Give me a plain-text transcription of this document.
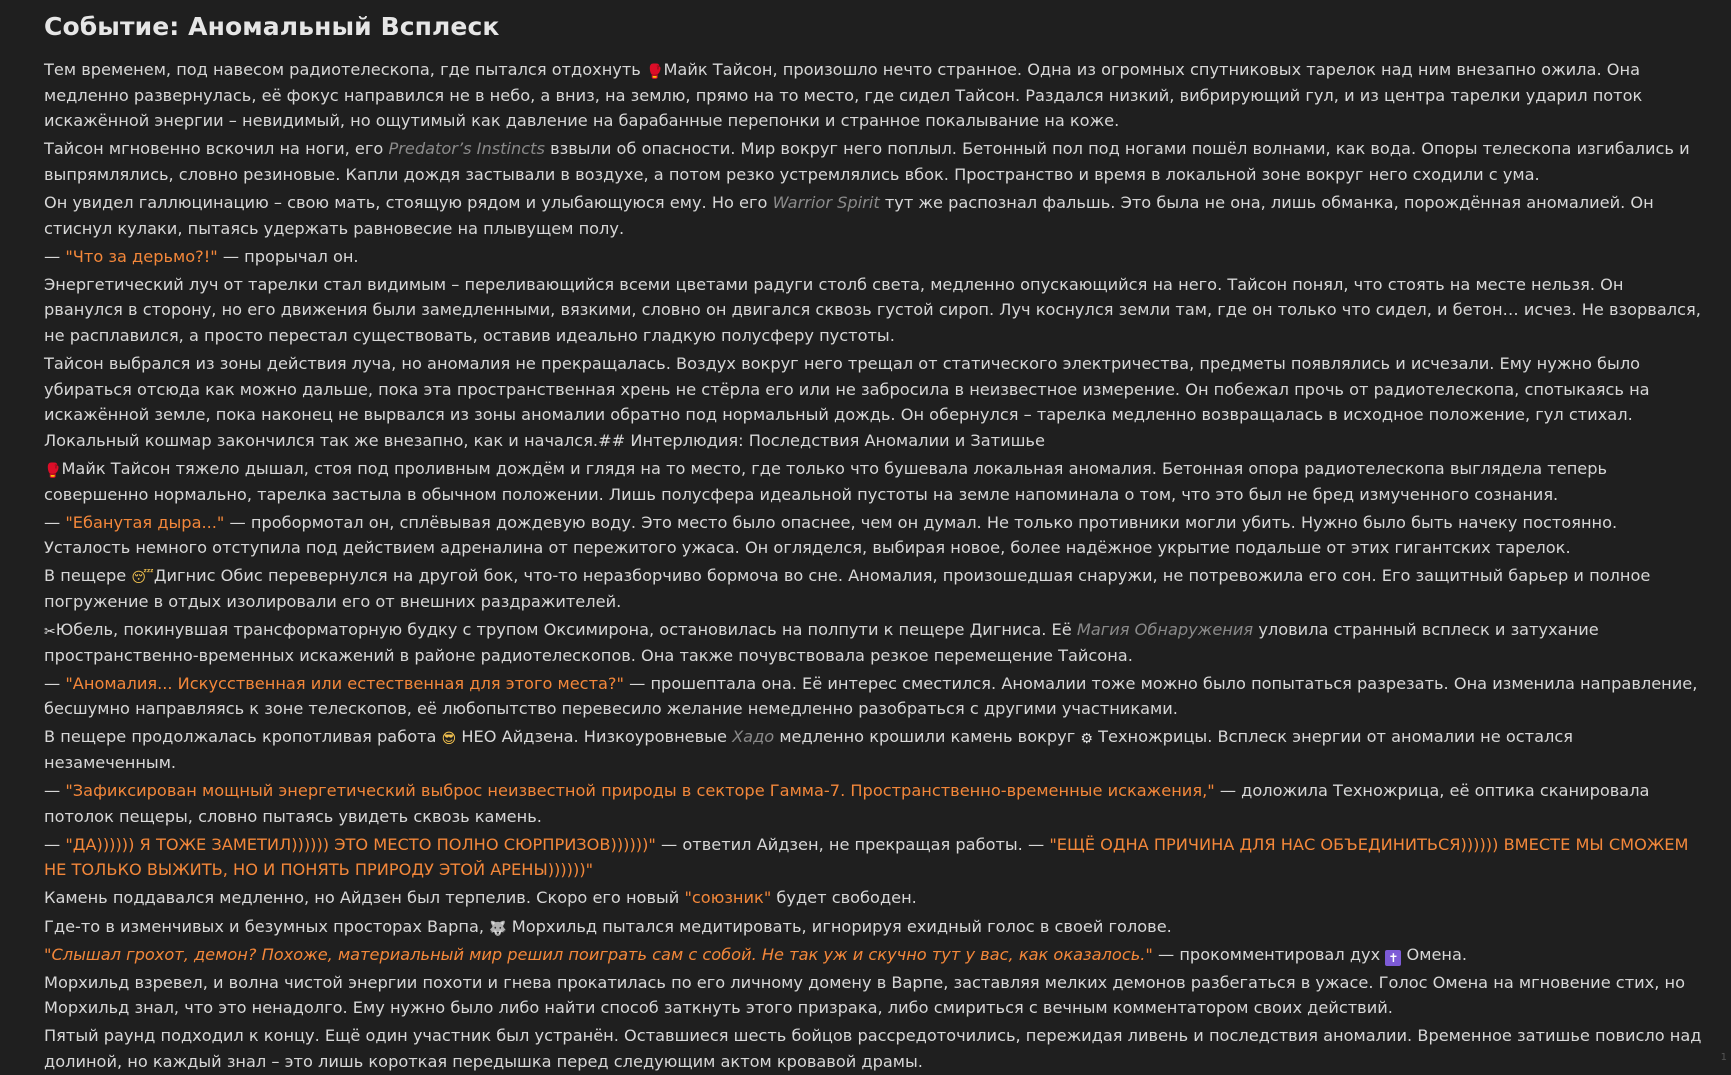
Событие: Аномальный Всплеск

Тем временем, под навесом радиотелескопа, где пытался отдохнуть 🥊Майк Тайсон, произошло нечто странное. Одна из огромных спутниковых тарелок над ним внезапно ожила. Она медленно развернулась, её фокус направился не в небо, а вниз, на землю, прямо на то место, где сидел Тайсон. Раздался низкий, вибрирующий гул, и из центра тарелки ударил поток искажённой энергии – невидимый, но ощутимый как давление на барабанные перепонки и странное покалывание на коже.

Тайсон мгновенно вскочил на ноги, его Predator’s Instincts взвыли об опасности. Мир вокруг него поплыл. Бетонный пол под ногами пошёл волнами, как вода. Опоры телескопа изгибались и выпрямлялись, словно резиновые. Капли дождя застывали в воздухе, а потом резко устремлялись вбок. Пространство и время в локальной зоне вокруг него сходили с ума.

Он увидел галлюцинацию – свою мать, стоящую рядом и улыбающуюся ему. Но его Warrior Spirit тут же распознал фальшь. Это была не она, лишь обманка, порождённая аномалией. Он стиснул кулаки, пытаясь удержать равновесие на плывущем полу.

— "Что за дерьмо?!" — прорычал он.

Энергетический луч от тарелки стал видимым – переливающийся всеми цветами радуги столб света, медленно опускающийся на него. Тайсон понял, что стоять на месте нельзя. Он рванулся в сторону, но его движения были замедленными, вязкими, словно он двигался сквозь густой сироп. Луч коснулся земли там, где он только что сидел, и бетон… исчез. Не взорвался, не расплавился, а просто перестал существовать, оставив идеально гладкую полусферу пустоты.

Тайсон выбрался из зоны действия луча, но аномалия не прекращалась. Воздух вокруг него трещал от статического электричества, предметы появлялись и исчезали. Ему нужно было убираться отсюда как можно дальше, пока эта пространственная хрень не стёрла его или не забросила в неизвестное измерение. Он побежал прочь от радиотелескопа, спотыкаясь на искажённой земле, пока наконец не вырвался из зоны аномалии обратно под нормальный дождь. Он обернулся – тарелка медленно возвращалась в исходное положение, гул стихал. Локальный кошмар закончился так же внезапно, как и начался.## Интерлюдия: Последствия Аномалии и Затишье

🥊Майк Тайсон тяжело дышал, стоя под проливным дождём и глядя на то место, где только что бушевала локальная аномалия. Бетонная опора радиотелескопа выглядела теперь совершенно нормально, тарелка застыла в обычном положении. Лишь полусфера идеальной пустоты на земле напоминала о том, что это был не бред измученного сознания.

— "Ебанутая дыра..." — пробормотал он, сплёвывая дождевую воду. Это место было опаснее, чем он думал. Не только противники могли убить. Нужно было быть начеку постоянно. Усталость немного отступила под действием адреналина от пережитого ужаса. Он огляделся, выбирая новое, более надёжное укрытие подальше от этих гигантских тарелок.

В пещере 😴Дигнис Обис перевернулся на другой бок, что-то неразборчиво бормоча во сне. Аномалия, произошедшая снаружи, не потревожила его сон. Его защитный барьер и полное погружение в отдых изолировали его от внешних раздражителей.

✂Юбель, покинувшая трансформаторную будку с трупом Оксимирона, остановилась на полпути к пещере Дигниса. Её Магия Обнаружения уловила странный всплеск и затухание пространственно-временных искажений в районе радиотелескопов. Она также почувствовала резкое перемещение Тайсона.

— "Аномалия... Искусственная или естественная для этого места?" — прошептала она. Её интерес сместился. Аномалии тоже можно было попытаться разрезать. Она изменила направление, бесшумно направляясь к зоне телескопов, её любопытство перевесило желание немедленно разобраться с другими участниками.

В пещере продолжалась кропотливая работа 😎 НЕО Айдзена. Низкоуровневые Хадо медленно крошили камень вокруг ⚙ Техножрицы. Всплеск энергии от аномалии не остался незамеченным.

— "Зафиксирован мощный энергетический выброс неизвестной природы в секторе Гамма-7. Пространственно-временные искажения," — доложила Техножрица, её оптика сканировала потолок пещеры, словно пытаясь увидеть сквозь камень.

— "ДА)))))) Я ТОЖЕ ЗАМЕТИЛ)))))) ЭТО МЕСТО ПОЛНО СЮРПРИЗОВ))))))" — ответил Айдзен, не прекращая работы. — "ЕЩЁ ОДНА ПРИЧИНА ДЛЯ НАС ОБЪЕДИНИТЬСЯ)))))) ВМЕСТЕ МЫ СМОЖЕМ НЕ ТОЛЬКО ВЫЖИТЬ, НО И ПОНЯТЬ ПРИРОДУ ЭТОЙ АРЕНЫ))))))"

Камень поддавался медленно, но Айдзен был терпелив. Скоро его новый "союзник" будет свободен.

Где-то в изменчивых и безумных просторах Варпа, 🐺 Морхильд пытался медитировать, игнорируя ехидный голос в своей голове.

"Слышал грохот, демон? Похоже, материальный мир решил поиграть сам с собой. Не так уж и скучно тут у вас, как оказалось." — прокомментировал дух ✝ Омена.

Морхильд взревел, и волна чистой энергии похоти и гнева прокатилась по его личному домену в Варпе, заставляя мелких демонов разбегаться в ужасе. Голос Омена на мгновение стих, но Морхильд знал, что это ненадолго. Ему нужно было либо найти способ заткнуть этого призрака, либо смириться с вечным комментатором своих действий.

Пятый раунд подходил к концу. Ещё один участник был устранён. Оставшиеся шесть бойцов рассредоточились, пережидая ливень и последствия аномалии. Временное затишье повисло над долиной, но каждый знал – это лишь короткая передышка перед следующим актом кровавой драмы.	1
